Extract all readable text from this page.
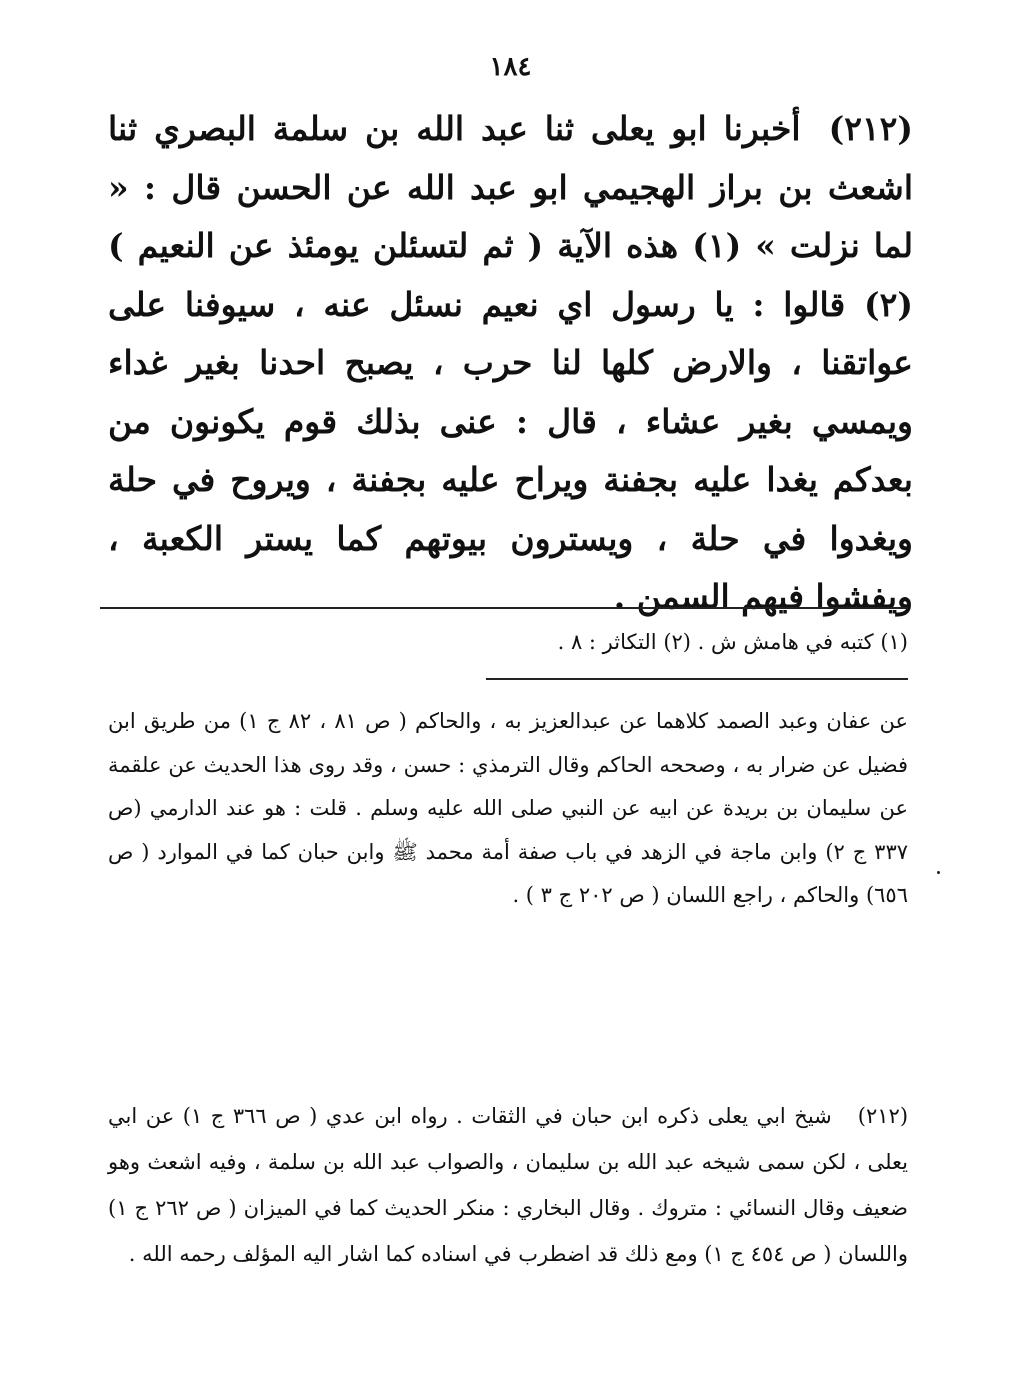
١٨٤

(٢١٢)أخبرنا ابو يعلى ثنا عبد الله بن سلمة البصري ثنا اشعث بن براز الهجيمي ابو عبد الله عن الحسن قال : « لما نزلت » (١) هذه الآية ( ثم لتسئلن يومئذ عن النعيم ) (٢) قالوا : يا رسول اي نعيم نسئل عنه ، سيوفنا على عواتقنا ، والارض كلها لنا حرب ، يصبح احدنا بغير غداء ويمسي بغير عشاء ، قال : عنى بذلك قوم يكونون من بعدكم يغدا عليه بجفنة ويراح عليه بجفنة ، ويروح في حلة ويغدوا في حلة ، ويسترون بيوتهم كما يستر الكعبة ، ويفشوا فيهم السمن .

(١) كتبه في هامش ش . (٢) التكاثر : ٨ .

عن عفان وعبد الصمد كلاهما عن عبدالعزيز به ، والحاكم ( ص ٨١ ، ٨٢ ج ١) من طريق ابن فضيل عن ضرار به ، وصححه الحاكم وقال الترمذي : حسن ، وقد روى هذا الحديث عن علقمة عن سليمان بن بريدة عن ابيه عن النبي صلى الله عليه وسلم . قلت : هو عند الدارمي (ص ٣٣٧ ج ٢) وابن ماجة في الزهد في باب صفة أمة محمد ﷺ وابن حبان كما في الموارد ( ص ٦٥٦) والحاكم ، راجع اللسان ( ص ٢٠٢ ج ٣ ) .

(٢١٢)شيخ ابي يعلى ذكره ابن حبان في الثقات . رواه ابن عدي ( ص ٣٦٦ ج ١) عن ابي يعلى ، لكن سمى شيخه عبد الله بن سليمان ، والصواب عبد الله بن سلمة ، وفيه اشعث وهو ضعيف وقال النسائي : متروك . وقال البخاري : منكر الحديث كما في الميزان ( ص ٢٦٢ ج ١) واللسان ( ص ٤٥٤ ج ١) ومع ذلك قد اضطرب في اسناده كما اشار اليه المؤلف رحمه الله .
